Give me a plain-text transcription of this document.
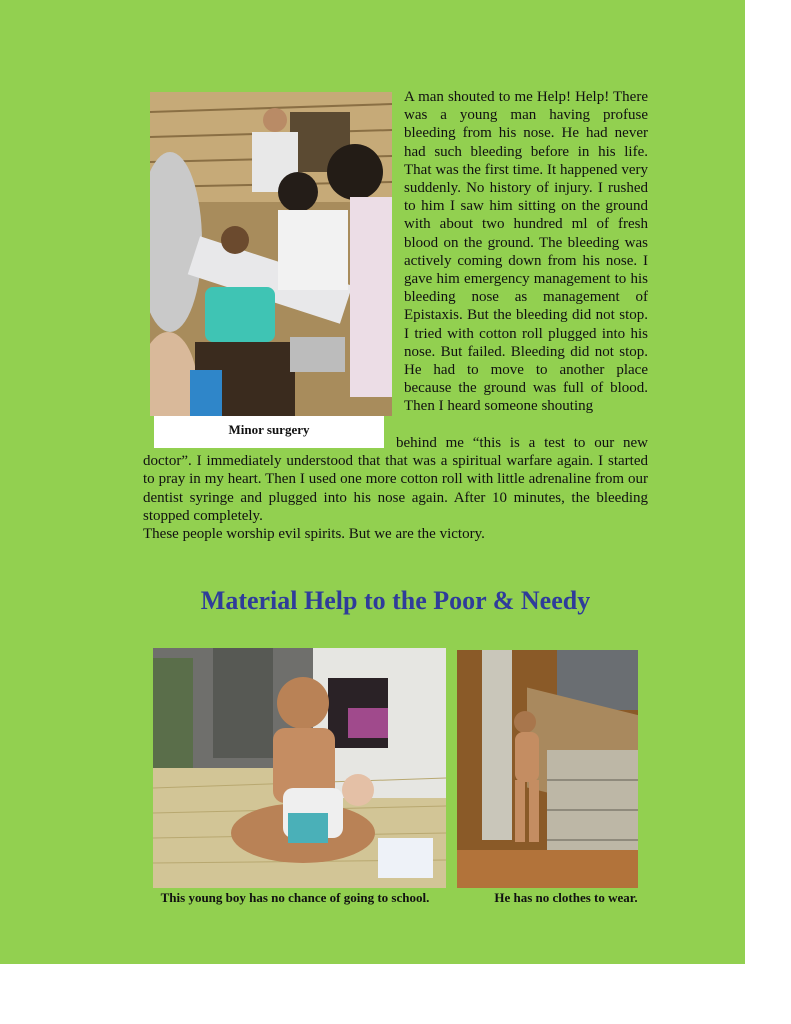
Minor surgery
A man shouted to me Help! Help! There was a young man having profuse bleeding from his nose. He had never had such bleeding before in his life. That was the first time. It happened very suddenly. No history of injury. I rushed to him I saw him sitting on the ground with about two hundred ml of fresh blood on the ground. The bleeding was actively coming down from his nose. I gave him emergency management to his bleeding nose as management of Epistaxis. But the bleeding did not stop. I tried with cotton roll plugged into his nose. But failed. Bleeding did not stop. He had to move to another place because the ground was full of blood. Then I heard someone shouting
behind me “this is a test to our new doctor”. I immediately understood that that was a spiritual warfare again. I started to pray in my heart. Then I used one more cotton roll with little adrenaline from our dentist syringe and plugged into his nose again. After 10 minutes, the bleeding stopped completely.
These people worship evil spirits. But we are the victory.
Material Help to the Poor & Needy
This young boy has no chance of going to school.	He has no clothes to wear.
